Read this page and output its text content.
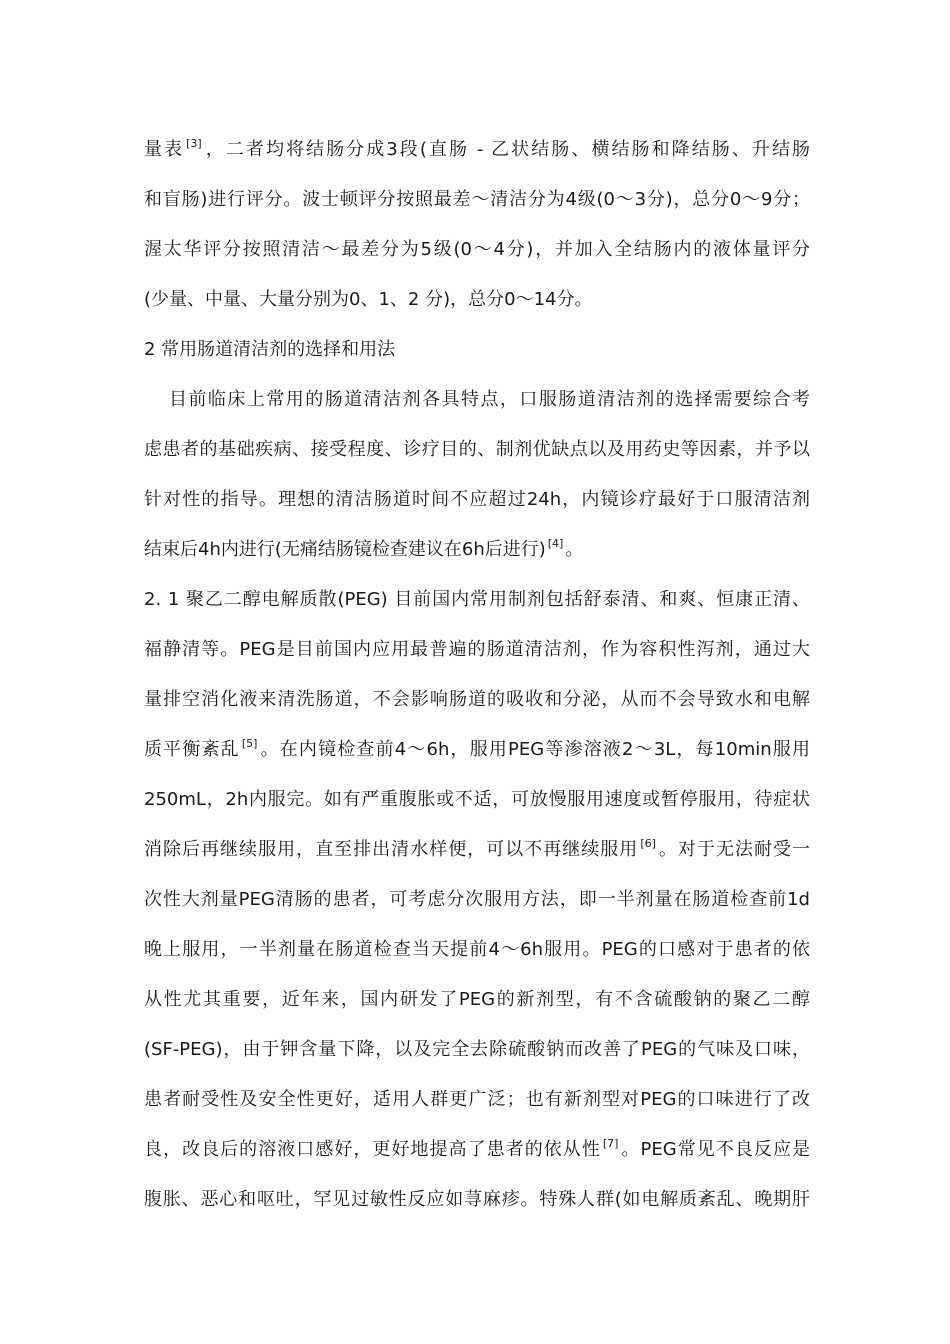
量表 [3] ，二者均将结肠分成3段(直肠 - 乙状结肠、横结肠和降结肠、升结肠
和盲肠)进行评分。波士顿评分按照最差～清洁分为4级(0～3分)，总分0～9分；
渥太华评分按照清洁～最差分为5级(0～4分)，并加入全结肠内的液体量评分
(少量、中量、大量分别为0、1、2 分)，总分0～14分。
2 常用肠道清洁剂的选择和用法
目前临床上常用的肠道清洁剂各具特点，口服肠道清洁剂的选择需要综合考
虑患者的基础疾病、接受程度、诊疗目的、制剂优缺点以及用药史等因素，并予以
针对性的指导。理想的清洁肠道时间不应超过24h，内镜诊疗最好于口服清洁剂
结束后4h内进行(无痛结肠镜检查建议在6h后进行) [4] 。
2. 1 聚乙二醇电解质散(PEG) 目前国内常用制剂包括舒泰清、和爽、恒康正清、
福静清等。PEG是目前国内应用最普遍的肠道清洁剂，作为容积性泻剂，通过大
量排空消化液来清洗肠道，不会影响肠道的吸收和分泌，从而不会导致水和电解
质平衡紊乱 [5] 。在内镜检查前4～6h，服用PEG等渗溶液2～3L，每10min服用
250mL，2h内服完。如有严重腹胀或不适，可放慢服用速度或暂停服用，待症状
消除后再继续服用，直至排出清水样便，可以不再继续服用 [6] 。对于无法耐受一
次性大剂量PEG清肠的患者，可考虑分次服用方法，即一半剂量在肠道检查前1d
晚上服用，一半剂量在肠道检查当天提前4～6h服用。PEG的口感对于患者的依
从性尤其重要，近年来，国内研发了PEG的新剂型，有不含硫酸钠的聚乙二醇
(SF-PEG)，由于钾含量下降，以及完全去除硫酸钠而改善了PEG的气味及口味，
患者耐受性及安全性更好，适用人群更广泛；也有新剂型对PEG的口味进行了改
良，改良后的溶液口感好，更好地提高了患者的依从性 [7] 。PEG常见不良反应是
腹胀、恶心和呕吐，罕见过敏性反应如荨麻疹。特殊人群(如电解质紊乱、晚期肝
